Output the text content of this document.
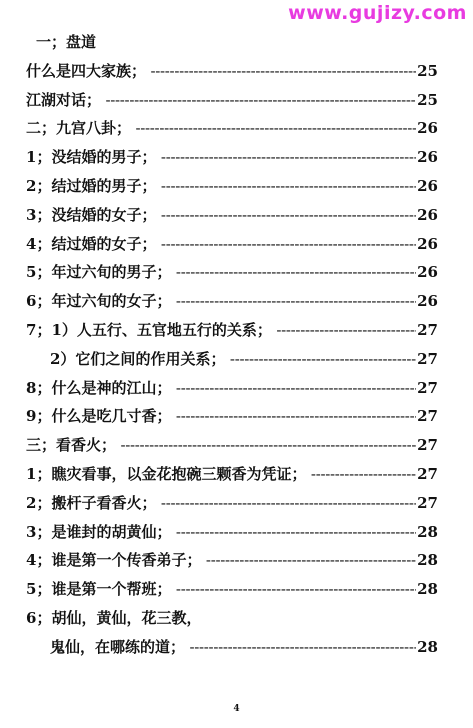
www.gujizy.com
一；盘道
什么是四大家族； -----	25
江湖对话； -----	25
二；九宫八卦； -----	26
1；没结婚的男子； -----	26
2；结过婚的男子； -----	26
3；没结婚的女子； -----	26
4；结过婚的女子； -----	26
5；年过六旬的男子； -----	26
6；年过六旬的女子； -----	26
7；1）人五行、五官地五行的关系； -----	27
2）它们之间的作用关系； -----	27
8；什么是神的江山； -----	27
9；什么是吃几寸香； -----	27
三；看香火； -----	27
1；瞧灾看事，以金花抱碗三颗香为凭证； -----	27
2；搬杆子看香火； -----	27
3；是谁封的胡黄仙； -----	28
4；谁是第一个传香弟子； -----	28
5；谁是第一个帮班； -----	28
6；胡仙，黄仙，花三教，
鬼仙，在哪练的道； -----	28
4
